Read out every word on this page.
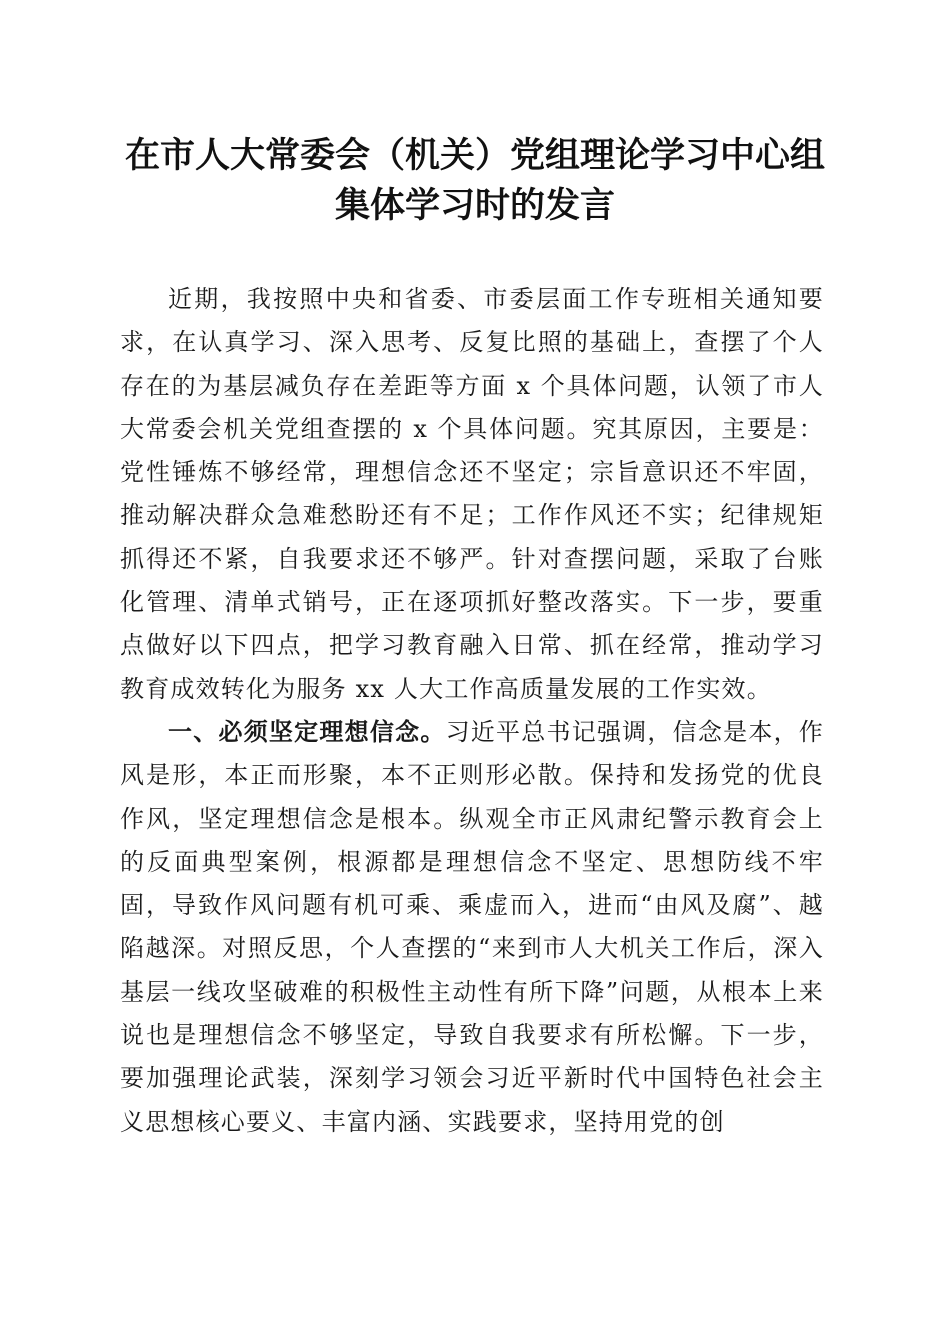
在市人大常委会（机关）党组理论学习中心组
集体学习时的发言

近期，我按照中央和省委、市委层面工作专班相关通知要求，在认真学习、深入思考、反复比照的基础上，查摆了个人存在的为基层减负存在差距等方面 x 个具体问题，认领了市人大常委会机关党组查摆的 x 个具体问题。究其原因，主要是：党性锤炼不够经常，理想信念还不坚定；宗旨意识还不牢固，推动解决群众急难愁盼还有不足；工作作风还不实；纪律规矩抓得还不紧，自我要求还不够严。针对查摆问题，采取了台账化管理、清单式销号，正在逐项抓好整改落实。下一步，要重点做好以下四点，把学习教育融入日常、抓在经常，推动学习教育成效转化为服务 xx 人大工作高质量发展的工作实效。

一、必须坚定理想信念。习近平总书记强调，信念是本，作风是形，本正而形聚，本不正则形必散。保持和发扬党的优良作风，坚定理想信念是根本。纵观全市正风肃纪警示教育会上的反面典型案例，根源都是理想信念不坚定、思想防线不牢固，导致作风问题有机可乘、乘虚而入，进而“由风及腐”、越陷越深。对照反思，个人查摆的“来到市人大机关工作后，深入基层一线攻坚破难的积极性主动性有所下降”问题，从根本上来说也是理想信念不够坚定，导致自我要求有所松懈。下一步，要加强理论武装，深刻学习领会习近平新时代中国特色社会主义思想核心要义、丰富内涵、实践要求，坚持用党的创
